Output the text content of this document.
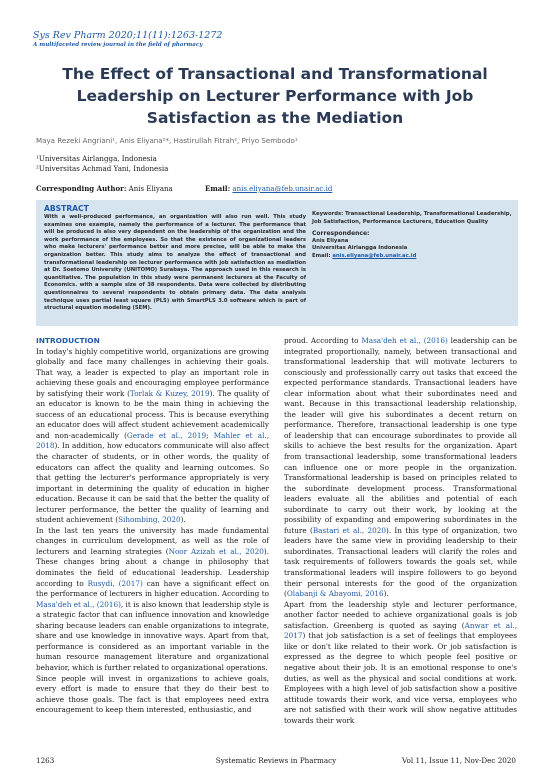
Sys Rev Pharm 2020;11(11):1263-1272
A multifaceted review journal in the field of pharmacy
The Effect of Transactional and Transformational Leadership on Lecturer Performance with Job Satisfaction as the Mediation
Maya Rezeki Angriani¹, Anis Eliyana²*, Hastirullah Fitrah², Priyo Sembodo¹
¹Universitas Airlangga, Indonesia
²Universitas Achmad Yani, Indonesia
Corresponding Author: Anis Eliyana	Email: anis.eliyana@feb.unair.ac.id
ABSTRACT
With a well-produced performance, an organization will also run well. This study examines one example, namely the performance of a lecturer. The performance that will be produced is also very dependent on the leadership of the organization and the work performance of the employees. So that the existence of organizational leaders who make lecturers' performance better and more precise, will be able to make the organization better. This study aims to analyze the effect of transactional and transformational leadership on lecturer performance with job satisfaction as mediation at Dr. Soetomo University (UNITOMO) Surabaya. The approach used in this research is quantitative. The population in this study were permanent lecturers at the Faculty of Economics. with a sample size of 38 respondents. Data were collected by distributing questionnaires to several respondents to obtain primary data. The data analysis technique uses partial least square (PLS) with SmartPLS 3.0 software which is part of structural equation modeling (SEM).
Keywords: Transactional Leadership, Transformational Leadership, Job Satisfaction, Performance Lecturers, Education Quality
Correspondence:
Anis Eliyana
Universitas Airlangga Indonesia
Email: anis.eliyana@feb.unair.ac.id
INTRODUCTION

In today's highly competitive world, organizations are growing globally and face many challenges in achieving their goals. That way, a leader is expected to play an important role in achieving these goals and encouraging employee performance by satisfying their work (Torlak & Kuzey, 2019). The quality of an educator is known to be the main thing in achieving the success of an educational process. This is because everything an educator does will affect student achievement academically and non-academically (Gerade et al., 2019; Mahler et al., 2018). In addition, how educators communicate will also affect the character of students, or in other words, the quality of educators can affect the quality and learning outcomes. So that getting the lecturer's performance appropriately is very important in determining the quality of education in higher education. Because it can be said that the better the quality of lecturer performance, the better the quality of learning and student achievement (Sihombing, 2020).

In the last ten years the university has made fundamental changes in curriculum development, as well as the role of lecturers and learning strategies (Noor Azizah et al., 2020). These changes bring about a change in philosophy that dominates the field of educational leadership. Leadership according to Rusydi, (2017) can have a significant effect on the performance of lecturers in higher education. According to Masa'deh et al., (2016), it is also known that leadership style is a strategic factor that can influence innovation and knowledge sharing because leaders can enable organizations to integrate, share and use knowledge in innovative ways. Apart from that, performance is considered as an important variable in the human resource management literature and organizational behavior, which is further related to organizational operations.

Since people will invest in organizations to achieve goals, every effort is made to ensure that they do their best to achieve those goals. The fact is that employees need extra encouragement to keep them interested, enthusiastic, and

proud. According to Masa'deh et al., (2016) leadership can be integrated proportionally, namely, between transactional and transformational leadership that will motivate lecturers to consciously and professionally carry out tasks that exceed the expected performance standards. Transactional leaders have clear information about what their subordinates need and want. Because in this transactional leadership relationship, the leader will give his subordinates a decent return on performance. Therefore, transactional leadership is one type of leadership that can encourage subordinates to provide all skills to achieve the best results for the organization. Apart from transactional leadership, some transformational leaders can influence one or more people in the organization. Transformational leadership is based on principles related to the subordinate development process. Transformational leaders evaluate all the abilities and potential of each subordinate to carry out their work, by looking at the possibility of expanding and empowering subordinates in the future (Bastari et al., 2020). In this type of organization, two leaders have the same view in providing leadership to their subordinates. Transactional leaders will clarify the roles and task requirements of followers towards the goals set, while transformational leaders will inspire followers to go beyond their personal interests for the good of the organization (Olabanji & Abayomi, 2016).

Apart from the leadership style and lecturer performance, another factor needed to achieve organizational goals is job satisfaction. Greenberg is quoted as saying (Anwar et al., 2017) that job satisfaction is a set of feelings that employees like or don't like related to their work. Or job satisfaction is expressed as the degree to which people feel positive or negative about their job. It is an emotional response to one's duties, as well as the physical and social conditions at work. Employees with a high level of job satisfaction show a positive attitude towards their work, and vice versa, employees who are not satisfied with their work will show negative attitudes towards their work

1263	Systematic Reviews in Pharmacy	Vol 11, Issue 11, Nov-Dec 2020
